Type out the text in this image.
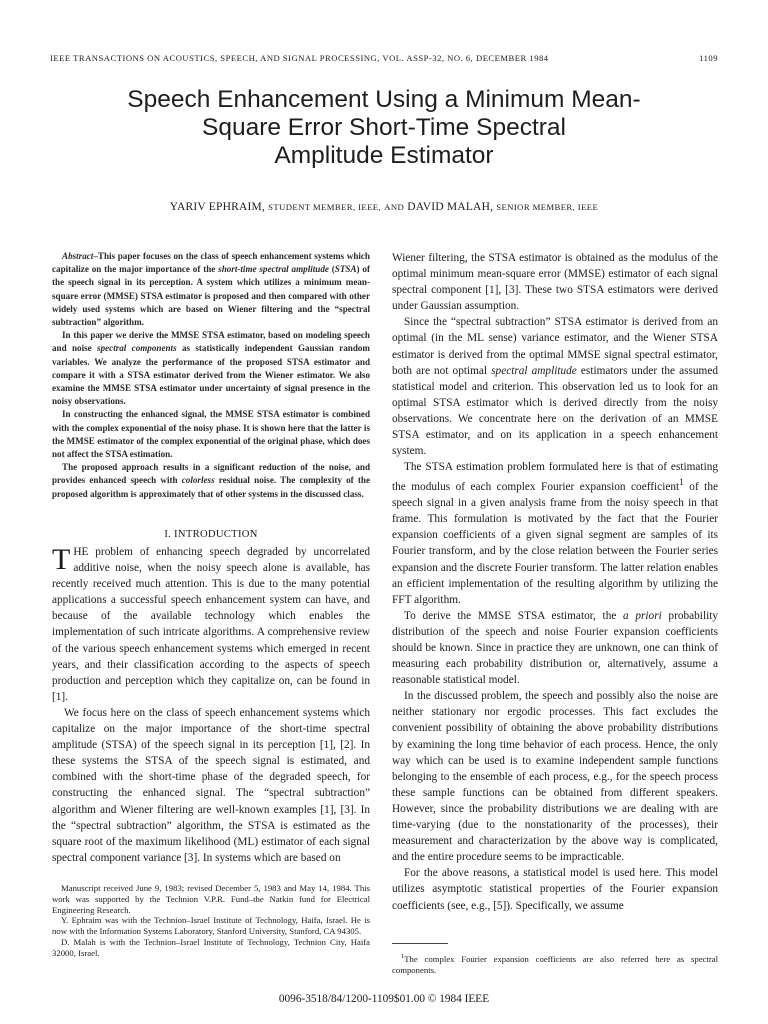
IEEE TRANSACTIONS ON ACOUSTICS, SPEECH, AND SIGNAL PROCESSING, VOL. ASSP-32, NO. 6, DECEMBER 1984	1109
Speech Enhancement Using a Minimum Mean-
Square Error Short-Time Spectral
Amplitude Estimator
YARIV EPHRAIM, STUDENT MEMBER, IEEE, AND DAVID MALAH, SENIOR MEMBER, IEEE

Abstract–This paper focuses on the class of speech enhancement systems which capitalize on the major importance of the short-time spectral amplitude (STSA) of the speech signal in its perception. A system which utilizes a minimum mean-square error (MMSE) STSA estimator is proposed and then compared with other widely used systems which are based on Wiener filtering and the “spectral subtraction” algorithm.

In this paper we derive the MMSE STSA estimator, based on modeling speech and noise spectral components as statistically independent Gaussian random variables. We analyze the performance of the proposed STSA estimator and compare it with a STSA estimator derived from the Wiener estimator. We also examine the MMSE STSA estimator under uncertainty of signal presence in the noisy observations.

In constructing the enhanced signal, the MMSE STSA estimator is combined with the complex exponential of the noisy phase. It is shown here that the latter is the MMSE estimator of the complex exponential of the original phase, which does not affect the STSA estimation.

The proposed approach results in a significant reduction of the noise, and provides enhanced speech with colorless residual noise. The complexity of the proposed algorithm is approximately that of other systems in the discussed class.

I. INTRODUCTION

THE problem of enhancing speech degraded by uncorrelated additive noise, when the noisy speech alone is available, has recently received much attention. This is due to the many potential applications a successful speech enhancement system can have, and because of the available technology which enables the implementation of such intricate algorithms. A comprehensive review of the various speech enhancement systems which emerged in recent years, and their classification according to the aspects of speech production and perception which they capitalize on, can be found in [1].

We focus here on the class of speech enhancement systems which capitalize on the major importance of the short-time spectral amplitude (STSA) of the speech signal in its perception [1], [2]. In these systems the STSA of the speech signal is estimated, and combined with the short-time phase of the degraded speech, for constructing the enhanced signal. The “spectral subtraction” algorithm and Wiener filtering are well-known examples [1], [3]. In the “spectral subtraction” algorithm, the STSA is estimated as the square root of the maximum likelihood (ML) estimator of each signal spectral component variance [3]. In systems which are based on

Manuscript received June 9, 1983; revised December 5, 1983 and May 14, 1984. This work was supported by the Technion V.P.R. Fund–the Natkin fund for Electrical Engineering Research.

Y. Ephraim was with the Technion–Israel Institute of Technology, Haifa, Israel. He is now with the Information Systems Laboratory, Stanford University, Stanford, CA 94305.

D. Malah is with the Technion–Israel Institute of Technology, Technion City, Haifa 32000, Israel.

Wiener filtering, the STSA estimator is obtained as the modulus of the optimal minimum mean-square error (MMSE) estimator of each signal spectral component [1], [3]. These two STSA estimators were derived under Gaussian assumption.

Since the “spectral subtraction” STSA estimator is derived from an optimal (in the ML sense) variance estimator, and the Wiener STSA estimator is derived from the optimal MMSE signal spectral estimator, both are not optimal spectral amplitude estimators under the assumed statistical model and criterion. This observation led us to look for an optimal STSA estimator which is derived directly from the noisy observations. We concentrate here on the derivation of an MMSE STSA estimator, and on its application in a speech enhancement system.

The STSA estimation problem formulated here is that of estimating the modulus of each complex Fourier expansion coefficient$^1$ of the speech signal in a given analysis frame from the noisy speech in that frame. This formulation is motivated by the fact that the Fourier expansion coefficients of a given signal segment are samples of its Fourier transform, and by the close relation between the Fourier series expansion and the discrete Fourier transform. The latter relation enables an efficient implementation of the resulting algorithm by utilizing the FFT algorithm.

To derive the MMSE STSA estimator, the a priori probability distribution of the speech and noise Fourier expansion coefficients should be known. Since in practice they are unknown, one can think of measuring each probability distribution or, alternatively, assume a reasonable statistical model.

In the discussed problem, the speech and possibly also the noise are neither stationary nor ergodic processes. This fact excludes the convenient possibility of obtaining the above probability distributions by examining the long time behavior of each process. Hence, the only way which can be used is to examine independent sample functions belonging to the ensemble of each process, e.g., for the speech process these sample functions can be obtained from different speakers. However, since the probability distributions we are dealing with are time-varying (due to the nonstationarity of the processes), their measurement and characterization by the above way is complicated, and the entire procedure seems to be impracticable.

For the above reasons, a statistical model is used here. This model utilizes asymptotic statistical properties of the Fourier expansion coefficients (see, e.g., [5]). Specifically, we assume

$^1$The complex Fourier expansion coefficients are also referred here as spectral components.
0096-3518/84/1200-1109$01.00 © 1984 IEEE
